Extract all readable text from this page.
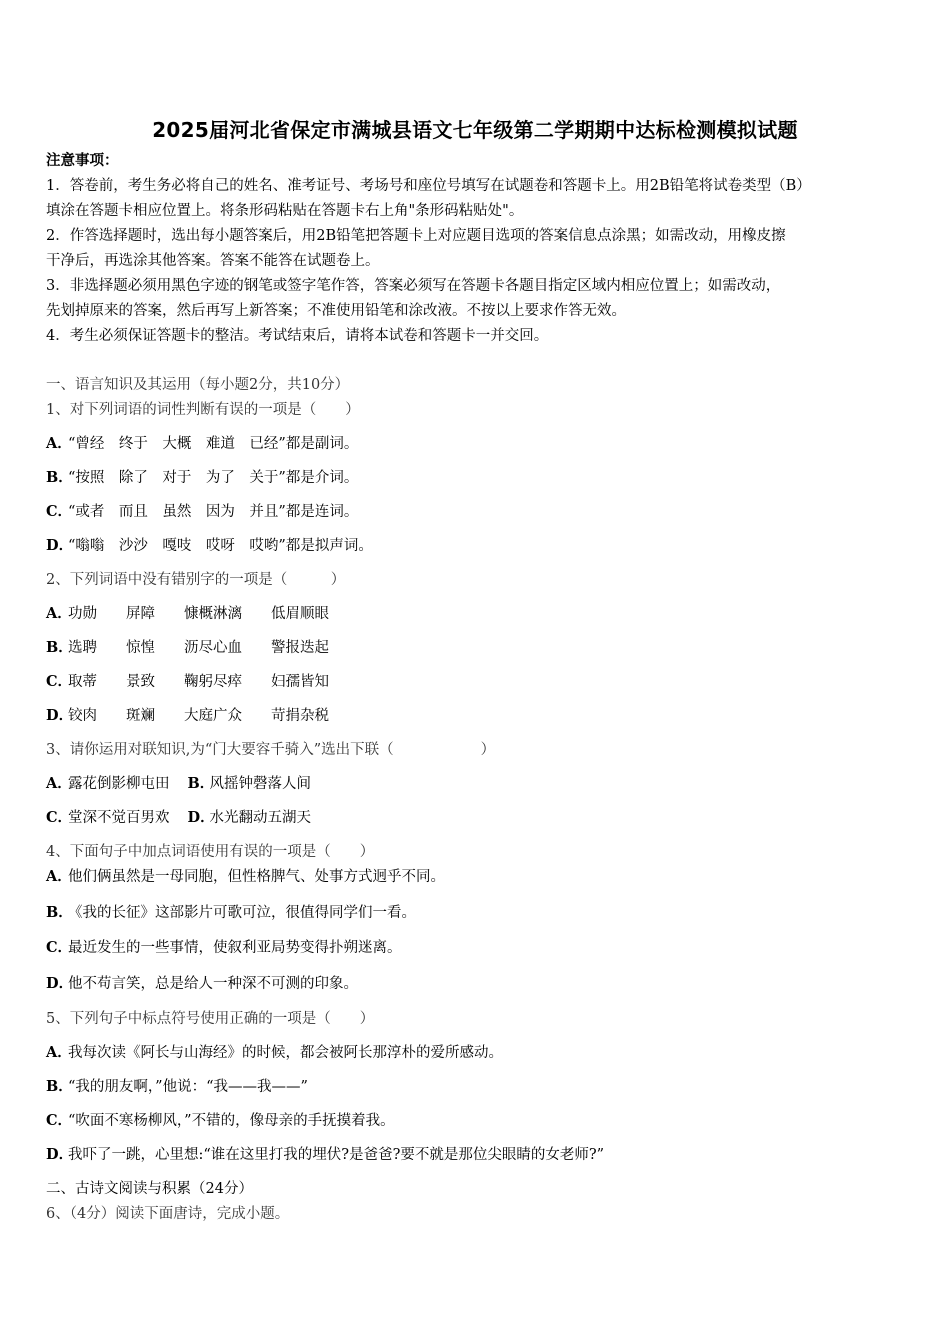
2025届河北省保定市满城县语文七年级第二学期期中达标检测模拟试题
注意事项：
1．答卷前，考生务必将自己的姓名、准考证号、考场号和座位号填写在试题卷和答题卡上。用2B铅笔将试卷类型（B）
填涂在答题卡相应位置上。将条形码粘贴在答题卡右上角"条形码粘贴处"。
2．作答选择题时，选出每小题答案后，用2B铅笔把答题卡上对应题目选项的答案信息点涂黑；如需改动，用橡皮擦
干净后，再选涂其他答案。答案不能答在试题卷上。
3．非选择题必须用黑色字迹的钢笔或签字笔作答，答案必须写在答题卡各题目指定区域内相应位置上；如需改动，
先划掉原来的答案，然后再写上新答案；不准使用铅笔和涂改液。不按以上要求作答无效。
4．考生必须保证答题卡的整洁。考试结束后，请将本试卷和答题卡一并交回。
一、语言知识及其运用（每小题2分，共10分）
1、对下列词语的词性判断有误的一项是（　　）
A．“曾经　终于　大概　难道　已经”都是副词。
B．“按照　除了　对于　为了　关于”都是介词。
C．“或者　而且　虽然　因为　并且”都是连词。
D．“嗡嗡　沙沙　嘎吱　哎呀　哎哟”都是拟声词。
2、下列词语中没有错别字的一项是（　　　）
A．功勋　　屏障　　慷概淋漓　　低眉顺眼
B．选聘　　惊惶　　沥尽心血　　警报迭起
C．取蒂　　景致　　鞠躬尽瘁　　妇孺皆知
D．铰肉　　斑斓　　大庭广众　　苛捐杂税
3、请你运用对联知识,为“门大要容千骑入”选出下联（　　　　　　）
A．露花倒影柳屯田 B．风摇钟磬落人间
C．堂深不觉百男欢 D．水光翻动五湖天
4、下面句子中加点词语使用有误的一项是（　　）
A．他们俩虽然是一母同胞，但性格脾气、处事方式迥乎不同。
B．《我的长征》这部影片可歌可泣，很值得同学们一看。
C．最近发生的一些事情，使叙利亚局势变得扑朔迷离。
D．他不苟言笑，总是给人一种深不可测的印象。
5、下列句子中标点符号使用正确的一项是（　　）
A．我每次读《阿长与山海经》的时候，都会被阿长那淳朴的爱所感动。
B．“我的朋友啊，”他说：“我——我——”
C．“吹面不寒杨柳风，”不错的，像母亲的手抚摸着我。
D．我吓了一跳，心里想:“谁在这里打我的埋伏?是爸爸?要不就是那位尖眼睛的女老师?”
二、古诗文阅读与积累（24分）
6、（4分）阅读下面唐诗，完成小题。
